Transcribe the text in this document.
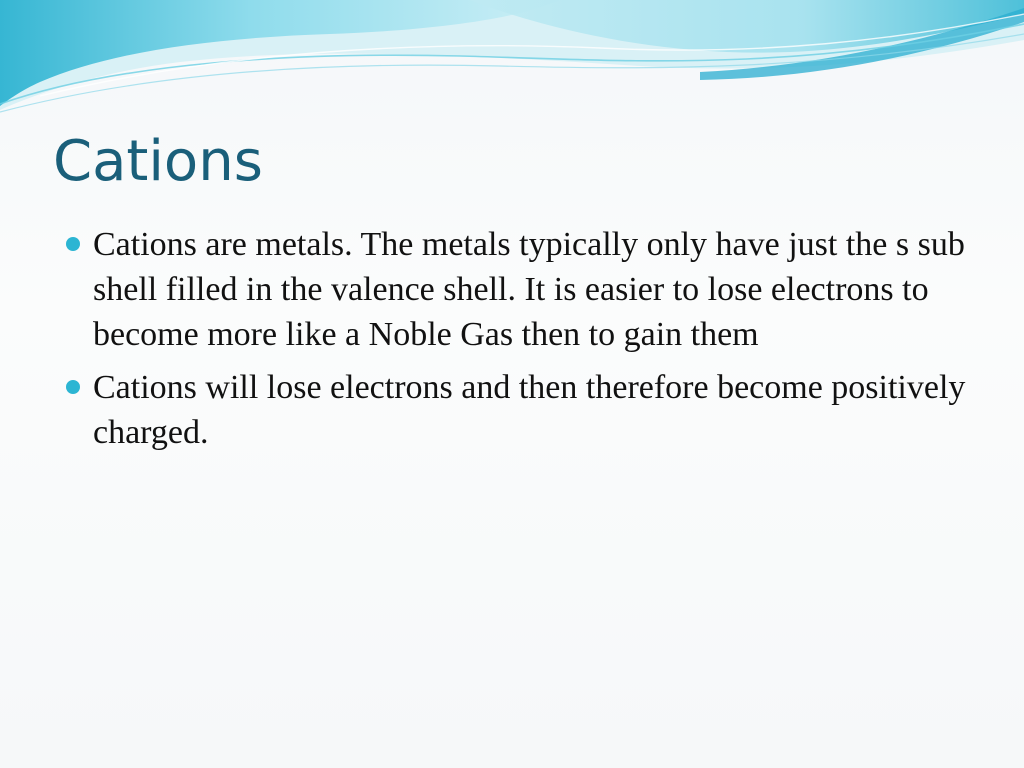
Cations
Cations are metals. The metals typically only have just the s sub shell filled in the valence shell. It is easier to lose electrons to become more like a Noble Gas then to gain them
Cations will lose electrons and then therefore become positively charged.
